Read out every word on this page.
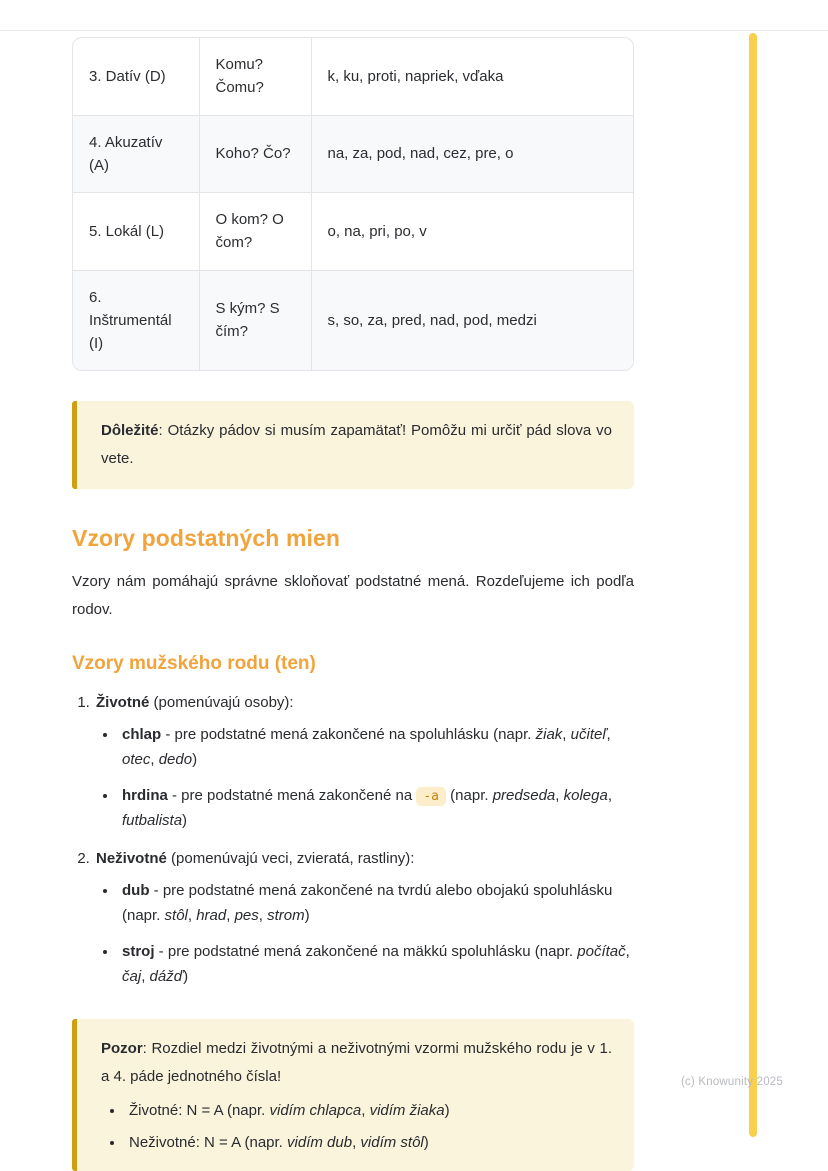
(c) Knowunity 2025
3. Datív (D)	Komu? Čomu?	k, ku, proti, napriek, vďaka
4. Akuzatív (A)	Koho? Čo?	na, za, pod, nad, cez, pre, o
5. Lokál (L)	O kom? O čom?	o, na, pri, po, v
6. Inštrumentál (I)	S kým? S čím?	s, so, za, pred, nad, pod, medzi

Dôležité: Otázky pádov si musím zapamätať! Pomôžu mi určiť pád slova vo vete.

Vzory podstatných mien

Vzory nám pomáhajú správne skloňovať podstatné mená. Rozdeľujeme ich podľa rodov.

Vzory mužského rodu (ten)
1. Životné (pomenúvajú osoby):
• chlap - pre podstatné mená zakončené na spoluhlásku (napr. žiak, učiteľ, otec, dedo)
• hrdina - pre podstatné mená zakončené na -a (napr. predseda, kolega, futbalista)
2. Neživotné (pomenúvajú veci, zvieratá, rastliny):
• dub - pre podstatné mená zakončené na tvrdú alebo obojakú spoluhlásku (napr. stôl, hrad, pes, strom)
• stroj - pre podstatné mená zakončené na mäkkú spoluhlásku (napr. počítač, čaj, dážď)

Pozor: Rozdiel medzi životnými a neživotnými vzormi mužského rodu je v 1. a 4. páde jednotného čísla!

• Životné: N = A (napr. vidím chlapca, vidím žiaka)
• Neživotné: N = A (napr. vidím dub, vidím stôl)
